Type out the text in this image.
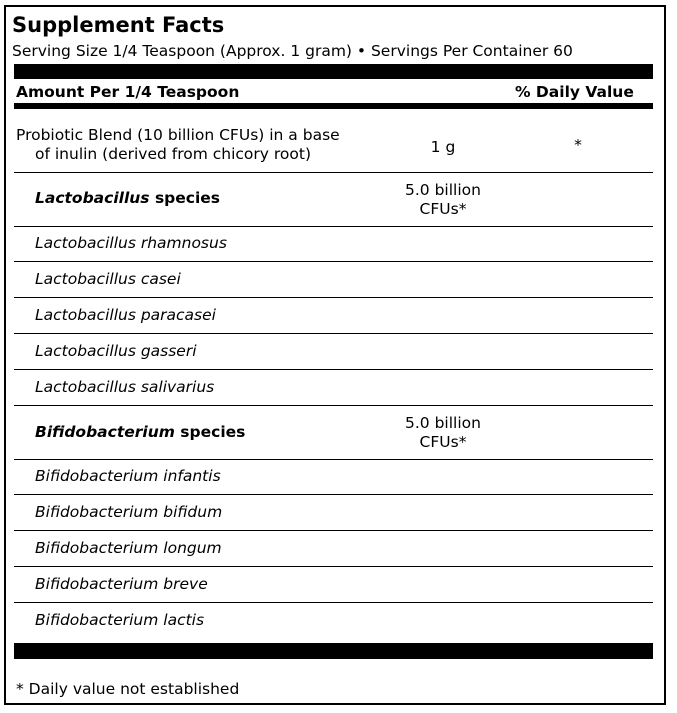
Supplement Facts
Serving Size 1/4 Teaspoon (Approx. 1 gram) • Servings Per Container 60
Amount Per 1/4 Teaspoon	% Daily Value
Probiotic Blend (10 billion CFUs) in a base
of inulin (derived from chicory root)	1 g	*
Lactobacillus species	5.0 billion
CFUs*
Lactobacillus rhamnosus
Lactobacillus casei
Lactobacillus paracasei
Lactobacillus gasseri
Lactobacillus salivarius
Bifidobacterium species	5.0 billion
CFUs*
Bifidobacterium infantis
Bifidobacterium bifidum
Bifidobacterium longum
Bifidobacterium breve
Bifidobacterium lactis
* Daily value not established
